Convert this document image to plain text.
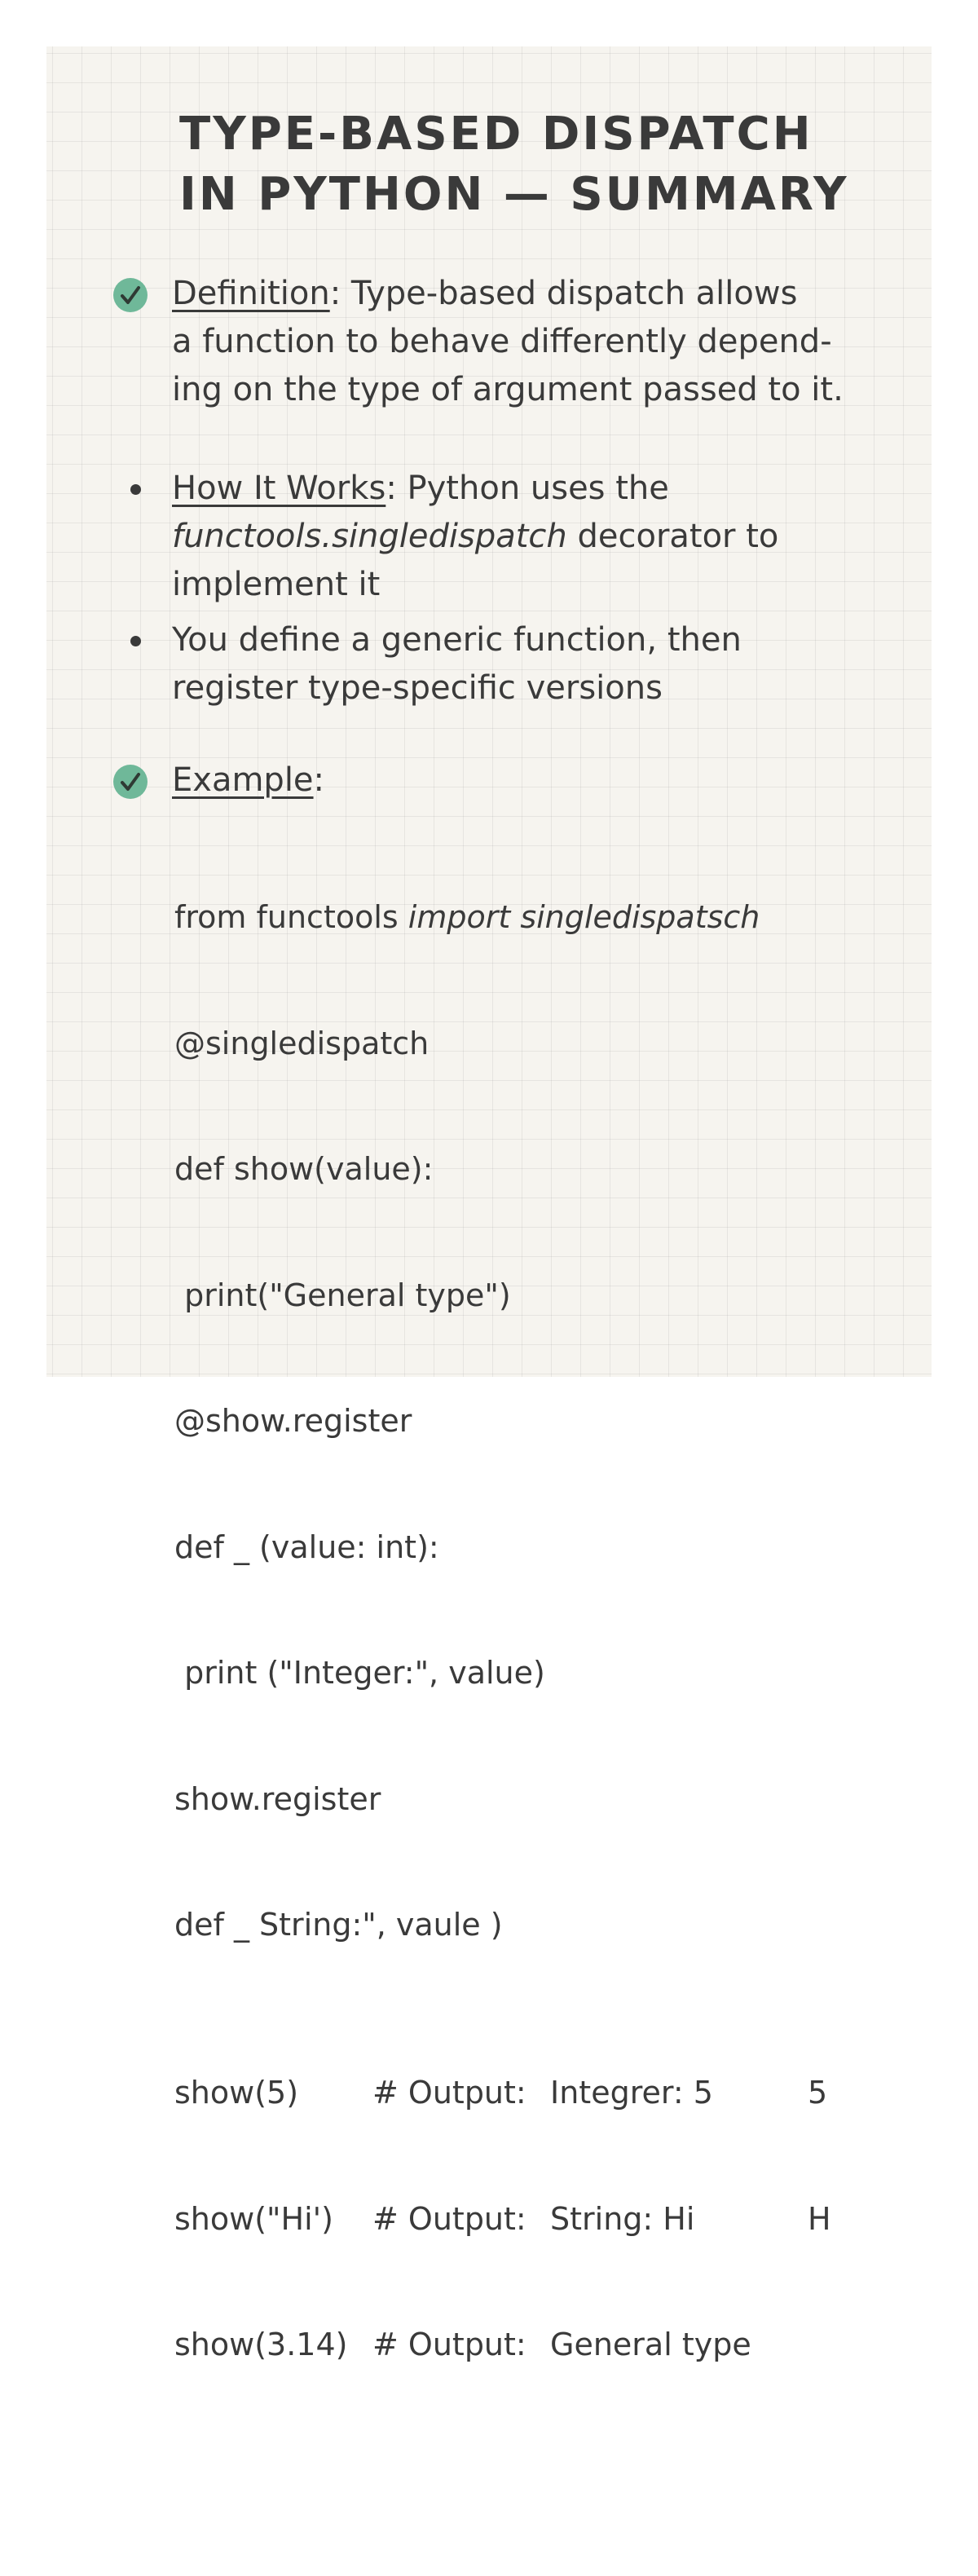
TYPE-BASED DISPATCH
IN PYTHON — SUMMARY

Definition: Type-based dispatch allows
a function to behave differently depend-
ing on the type of argument passed to it.

How It Works: Python uses the
functools.singledispatch decorator to
implement it

You define a generic function, then
register type-specific versions

Example:

from functools import singledispatsch

@singledispatch

def show(value):

print("General type")

@show.register

def _ (value: int):

print ("Integer:", value)

show.register

def _ String:", vaule )

show(5)

# Output:

Integrer: 5

	5

show("Hi')

# Output:

String: Hi

	H

show(3.14)

# Output:

General type
